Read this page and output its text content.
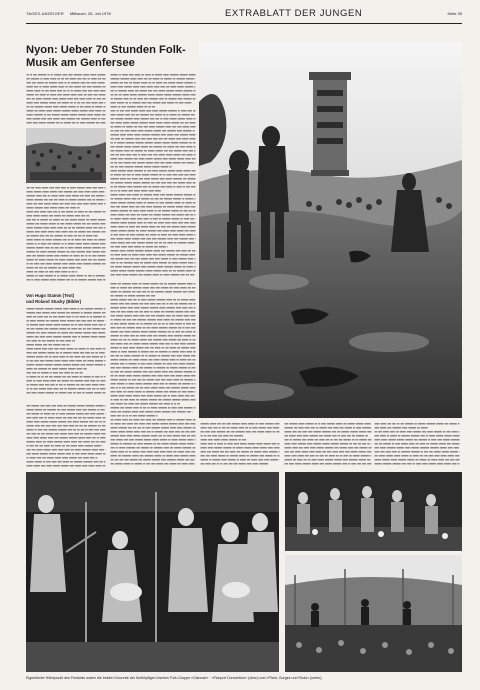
TAGES-ANZEIGER Mittwoch, 26. Juli 1978	EXTRABLATT DER JUNGEN	Seite 35
Nyon: Ueber 70 Stunden Folk-Musik am Genfersee

Von Hugo Stamm (Text)
und Roland Stucky (Bilder)
Eigentlicher Höhepunkt des Festivals waren die beiden Konzerte der fünfköpfigen irischen Folk-Gruppe «Clannad» · «Fairport Convention» (oben) und «Plant, Gorges und Rodo» (unten).
